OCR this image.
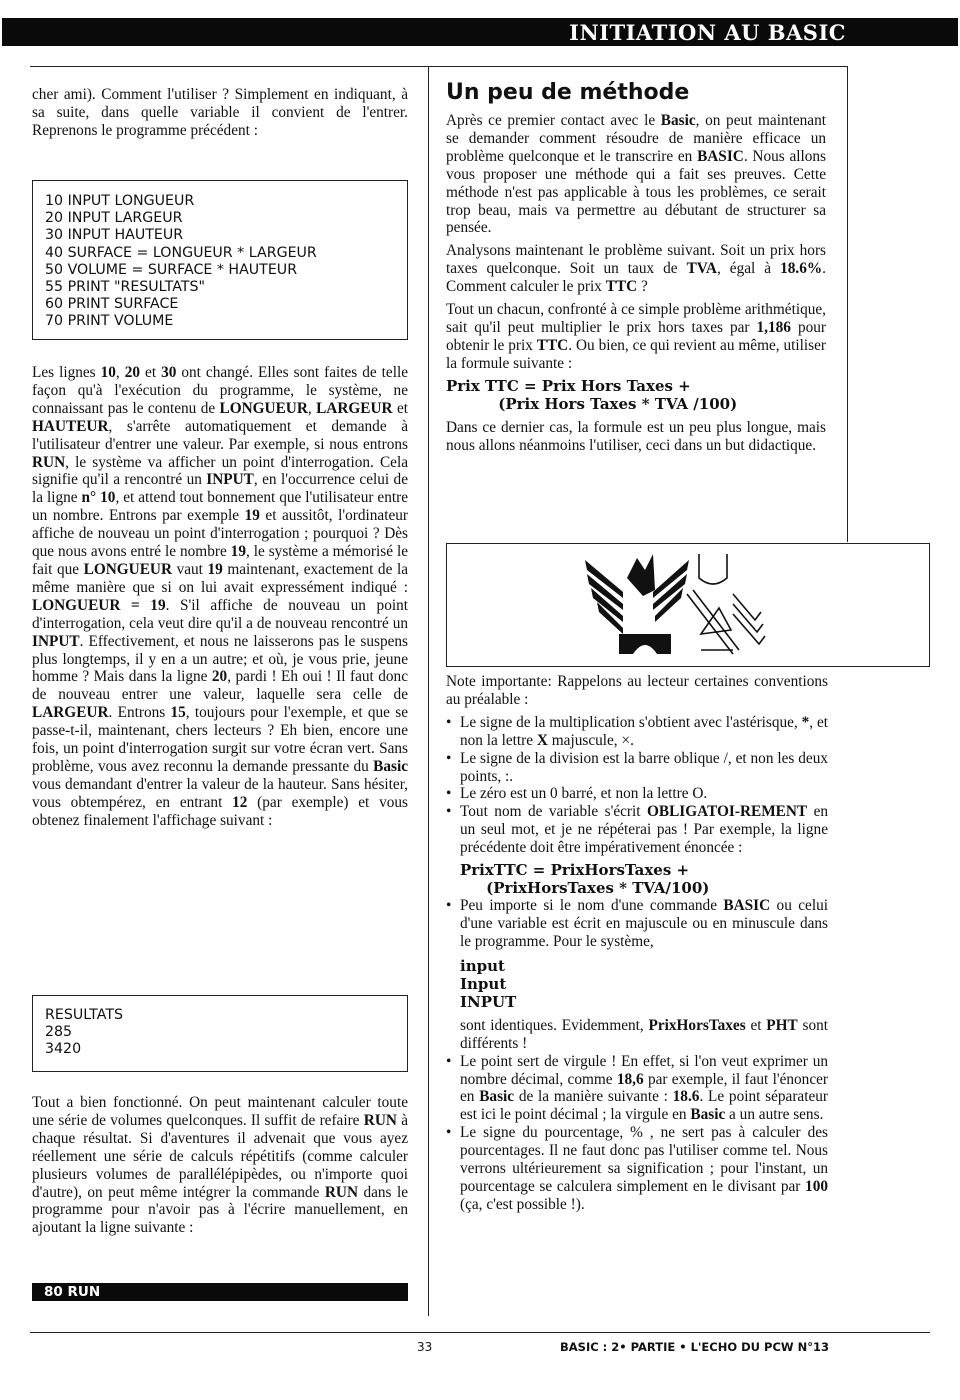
INITIATION AU BASIC

cher ami). Comment l'utiliser ? Simplement en indiquant, à sa suite, dans quelle variable il convient de l'entrer. Reprenons le programme précédent :

10 INPUT LONGUEUR
20 INPUT LARGEUR
30 INPUT HAUTEUR
40 SURFACE = LONGUEUR * LARGEUR
50 VOLUME = SURFACE * HAUTEUR
55 PRINT "RESULTATS"
60 PRINT SURFACE
70 PRINT VOLUME

Les lignes 10, 20 et 30 ont changé. Elles sont faites de telle façon qu'à l'exécution du programme, le système, ne connaissant pas le contenu de LONGUEUR, LARGEUR et HAUTEUR, s'arrête automatiquement et demande à l'utilisateur d'entrer une valeur. Par exemple, si nous entrons RUN, le système va afficher un point d'interrogation. Cela signifie qu'il a rencontré un INPUT, en l'occurrence celui de la ligne n° 10, et attend tout bonnement que l'utilisateur entre un nombre. Entrons par exemple 19 et aussitôt, l'ordinateur affiche de nouveau un point d'interrogation ; pourquoi ? Dès que nous avons entré le nombre 19, le système a mémorisé le fait que LONGUEUR vaut 19 maintenant, exactement de la même manière que si on lui avait expressément indiqué : LONGUEUR = 19. S'il affiche de nouveau un point d'interrogation, cela veut dire qu'il a de nouveau rencontré un INPUT. Effectivement, et nous ne laisserons pas le suspens plus longtemps, il y en a un autre; et où, je vous prie, jeune homme ? Mais dans la ligne 20, pardi ! Eh oui ! Il faut donc de nouveau entrer une valeur, laquelle sera celle de LARGEUR. Entrons 15, toujours pour l'exemple, et que se passe-t-il, maintenant, chers lecteurs ? Eh bien, encore une fois, un point d'interrogation surgit sur votre écran vert. Sans problème, vous avez reconnu la demande pressante du Basic vous demandant d'entrer la valeur de la hauteur. Sans hésiter, vous obtempérez, en entrant 12 (par exemple) et vous obtenez finalement l'affichage suivant :

RESULTATS
285
3420

Tout a bien fonctionné. On peut maintenant calculer toute une série de volumes quelconques. Il suffit de refaire RUN à chaque résultat. Si d'aventures il advenait que vous ayez réellement une série de calculs répétitifs (comme calculer plusieurs volumes de parallélépipèdes, ou n'importe quoi d'autre), on peut même intégrer la commande RUN dans le programme pour n'avoir pas à l'écrire manuellement, en ajoutant la ligne suivante :

80 RUN
Un peu de méthode

Après ce premier contact avec le Basic, on peut maintenant se demander comment résoudre de manière efficace un problème quelconque et le transcrire en BASIC. Nous allons vous proposer une méthode qui a fait ses preuves. Cette méthode n'est pas applicable à tous les problèmes, ce serait trop beau, mais va permettre au débutant de structurer sa pensée.

Analysons maintenant le problème suivant. Soit un prix hors taxes quelconque. Soit un taux de TVA, égal à 18.6%. Comment calculer le prix TTC ?

Tout un chacun, confronté à ce simple problème arithmétique, sait qu'il peut multiplier le prix hors taxes par 1,186 pour obtenir le prix TTC. Ou bien, ce qui revient au même, utiliser la formule suivante :

Prix TTC = Prix Hors Taxes +
(Prix Hors Taxes * TVA /100)

Dans ce dernier cas, la formule est un peu plus longue, mais nous allons néanmoins l'utiliser, ceci dans un but didactique.

Note importante: Rappelons au lecteur certaines conventions au préalable :

• Le signe de la multiplication s'obtient avec l'astérisque, *, et non la lettre X majuscule, ×.
• Le signe de la division est la barre oblique /, et non les deux points, :.
• Le zéro est un 0 barré, et non la lettre O.
• Tout nom de variable s'écrit OBLIGATOI-REMENT en un seul mot, et je ne répéterai pas ! Par exemple, la ligne précédente doit être impérativement énoncée :
PrixTTC = PrixHorsTaxes +
(PrixHorsTaxes * TVA/100)
• Peu importe si le nom d'une commande BASIC ou celui d'une variable est écrit en majuscule ou en minuscule dans le programme. Pour le système,
input
Input
INPUT

sont identiques. Evidemment, PrixHorsTaxes et PHT sont différents !

• Le point sert de virgule ! En effet, si l'on veut exprimer un nombre décimal, comme 18,6 par exemple, il faut l'énoncer en Basic de la manière suivante : 18.6. Le point séparateur est ici le point décimal ; la virgule en Basic a un autre sens.
• Le signe du pourcentage, % , ne sert pas à calculer des pourcentages. Il ne faut donc pas l'utiliser comme tel. Nous verrons ultérieurement sa signification ; pour l'instant, un pourcentage se calculera simplement en le divisant par 100 (ça, c'est possible !).
33	BASIC : 2• PARTIE • L'ECHO DU PCW N°13
